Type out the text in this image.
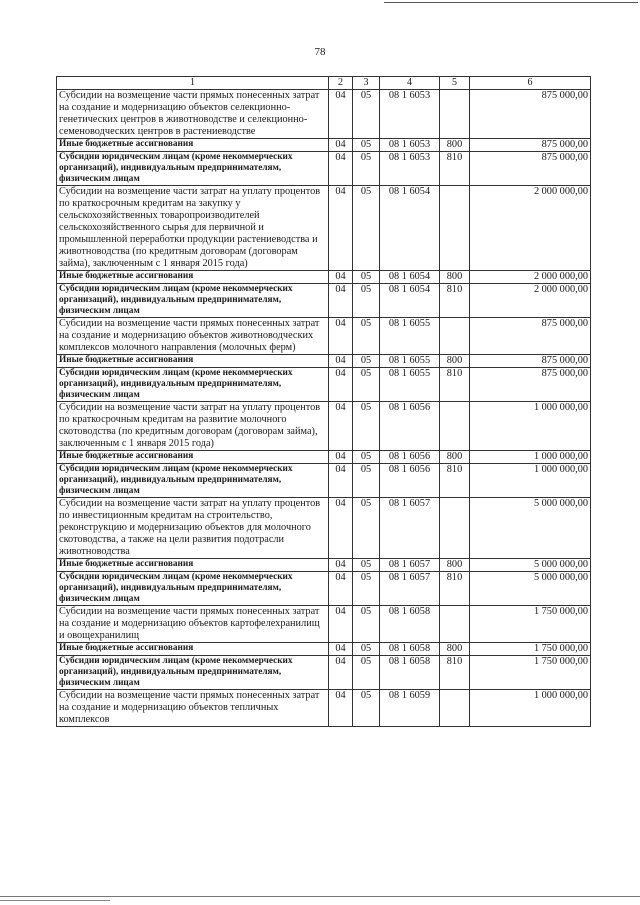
78
1	2	3	4	5	6
Субсидии на возмещение части прямых понесенных затрат на создание и модернизацию объектов селекционно-генетических центров в животноводстве и селекционно-семеноводческих центров в растениеводстве	04	05	08 1 6053		875 000,00
Иные бюджетные ассигнования	04	05	08 1 6053	800	875 000,00
Субсидии юридическим лицам (кроме некоммерческих организаций), индивидуальным предпринимателям, физическим лицам	04	05	08 1 6053	810	875 000,00
Субсидии на возмещение части затрат на уплату процентов по краткосрочным кредитам на закупку у сельскохозяйственных товаропроизводителей сельскохозяйственного сырья для первичной и промышленной переработки продукции растениеводства и животноводства (по кредитным договорам (договорам займа), заключенным с 1 января 2015 года)	04	05	08 1 6054		2 000 000,00
Иные бюджетные ассигнования	04	05	08 1 6054	800	2 000 000,00
Субсидии юридическим лицам (кроме некоммерческих организаций), индивидуальным предпринимателям, физическим лицам	04	05	08 1 6054	810	2 000 000,00
Субсидии на возмещение части прямых понесенных затрат на создание и модернизацию объектов животноводческих комплексов молочного направления (молочных ферм)	04	05	08 1 6055		875 000,00
Иные бюджетные ассигнования	04	05	08 1 6055	800	875 000,00
Субсидии юридическим лицам (кроме некоммерческих организаций), индивидуальным предпринимателям, физическим лицам	04	05	08 1 6055	810	875 000,00
Субсидии на возмещение части затрат на уплату процентов по краткосрочным кредитам на развитие молочного скотоводства (по кредитным договорам (договорам займа), заключенным с 1 января 2015 года)	04	05	08 1 6056		1 000 000,00
Иные бюджетные ассигнования	04	05	08 1 6056	800	1 000 000,00
Субсидии юридическим лицам (кроме некоммерческих организаций), индивидуальным предпринимателям, физическим лицам	04	05	08 1 6056	810	1 000 000,00
Субсидии на возмещение части затрат на уплату процентов по инвестиционным кредитам на строительство, реконструкцию и модернизацию объектов для молочного скотоводства, а также на цели развития подотрасли животноводства	04	05	08 1 6057		5 000 000,00
Иные бюджетные ассигнования	04	05	08 1 6057	800	5 000 000,00
Субсидии юридическим лицам (кроме некоммерческих организаций), индивидуальным предпринимателям, физическим лицам	04	05	08 1 6057	810	5 000 000,00
Субсидии на возмещение части прямых понесенных затрат на создание и модернизацию объектов картофелехранилищ и овощехранилищ	04	05	08 1 6058		1 750 000,00
Иные бюджетные ассигнования	04	05	08 1 6058	800	1 750 000,00
Субсидии юридическим лицам (кроме некоммерческих организаций), индивидуальным предпринимателям, физическим лицам	04	05	08 1 6058	810	1 750 000,00
Субсидии на возмещение части прямых понесенных затрат на создание и модернизацию объектов тепличных комплексов	04	05	08 1 6059		1 000 000,00
